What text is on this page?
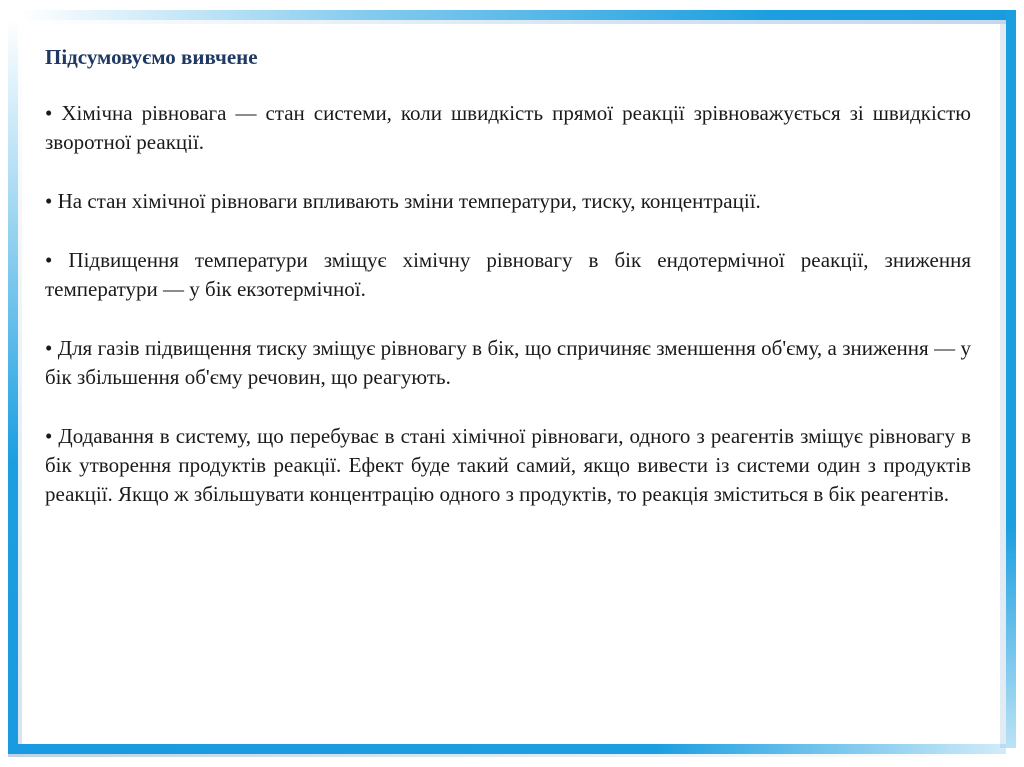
Підсумовуємо вивчене

• Хімічна рівновага — стан системи, коли швидкість прямої реакції зрівноважується зі швидкістю зворотної реакції.

• На стан хімічної рівноваги впливають зміни температури, тиску, концентрації.

• Підвищення температури зміщує хімічну рівновагу в бік ендотермічної реакції, зниження температури — у бік екзотермічної.

• Для газів підвищення тиску зміщує рівновагу в бік, що спричиняє зменшення об'єму, а зниження — у бік збільшення об'єму речовин, що реагують.

• Додавання в систему, що перебуває в стані хімічної рівноваги, одного з реагентів зміщує рівновагу в бік утворення продуктів реакції. Ефект буде такий самий, якщо вивести із системи один з продуктів реакції. Якщо ж збільшувати концентрацію одного з продуктів, то реакція зміститься в бік реагентів.
